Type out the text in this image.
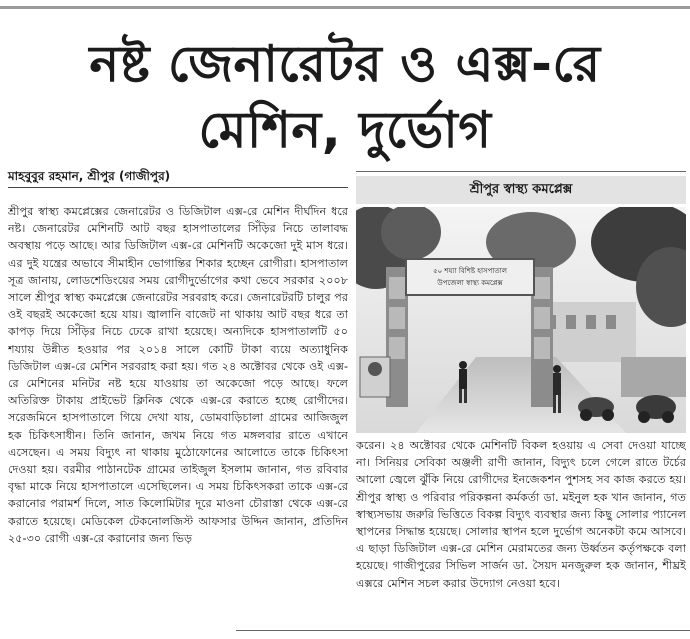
নষ্ট জেনারেটর ও এক্স-রে
মেশিন, দুর্ভোগ
মাহবুবুর রহমান, শ্রীপুর (গাজীপুর)

শ্রীপুর স্বাস্থ্য কমপ্লেক্সের জেনারেটর ও ডিজিটাল এক্স-রে মেশিন দীর্ঘদিন ধরে নষ্ট। জেনারেটর মেশিনটি আট বছর হাসপাতালের সিঁড়ির নিচে তালাবদ্ধ অবস্থায় পড়ে আছে। আর ডিজিটাল এক্স-রে মেশিনটি অকেজো দুই মাস ধরে। এর দুই যন্ত্রের অভাবে সীমাহীন ভোগান্তির শিকার হচ্ছেন রোগীরা। হাসপাতাল সূত্র জানায়, লোডশেডিংয়ের সময় রোগীদুর্ভোগের কথা ভেবে সরকার ২০০৮ সালে শ্রীপুর স্বাস্থ্য কমপ্লেক্সে জেনারেটর সরবরাহ করে। জেনারেটরটি চালুর পর ওই বছরই অকেজো হয়ে যায়। জ্বালানি বাজেট না থাকায় আট বছর ধরে তা কাপড় দিয়ে সিঁড়ির নিচে ঢেকে রাখা হয়েছে। অন্যদিকে হাসপাতালটি ৫০ শয্যায় উন্নীত হওয়ার পর ২০১৪ সালে কোটি টাকা ব্যয়ে অত্যাধুনিক ডিজিটাল এক্স-রে মেশিন সরবরাহ করা হয়। গত ২৪ অক্টোবর থেকে ওই এক্স-রে মেশিনের মনিটর নষ্ট হয়ে যাওয়ায় তা অকেজো পড়ে আছে। ফলে অতিরিক্ত টাকায় প্রাইভেট ক্লিনিক থেকে এক্স-রে করাতে হচ্ছে রোগীদের। সরেজমিনে হাসপাতালে গিয়ে দেখা যায়, ডোমবাড়িচালা গ্রামের আজিজুল হক চিকিৎসাধীন। তিনি জানান, জখম নিয়ে গত মঙ্গলবার রাতে এখানে এসেছেন। এ সময় বিদ্যুৎ না থাকায় মুঠোফোনের আলোতে তাকে চিকিৎসা দেওয়া হয়। বরমীর পাঠানটেক গ্রামের তাইজুল ইসলাম জানান, গত রবিবার বৃদ্ধা মাকে নিয়ে হাসপাতালে এসেছিলেন। এ সময় চিকিৎসকরা তাকে এক্স-রে করানোর পরামর্শ দিলে, সাত কিলোমিটার দূরে মাওনা চৌরাস্তা থেকে এক্স-রে করাতে হয়েছে। মেডিকেল টেকনোলজিস্ট আফসার উদ্দিন জানান, প্রতিদিন ২৫-৩০ রোগী এক্স-রে করানোর জন্য ভিড়

শ্রীপুর স্বাস্থ্য কমপ্লেক্স
৫০ শয্যা বিশিষ্ট হাসপাতাল
উপজেলা স্বাস্থ্য কমপ্লেক্স

করেন। ২৪ অক্টোবর থেকে মেশিনটি বিকল হওয়ায় এ সেবা দেওয়া যাচ্ছে না। সিনিয়র সেবিকা অঞ্জলী রাণী জানান, বিদ্যুৎ চলে গেলে রাতে টর্চের আলো জ্বেলে ঝুঁকি নিয়ে রোগীদের ইনজেকশন পুশসহ সব কাজ করতে হয়। শ্রীপুর স্বাস্থ্য ও পরিবার পরিকল্পনা কর্মকর্তা ডা. মইনুল হক খান জানান, গত স্বাস্থ্যসভায় জরুরি ভিত্তিতে বিকল্প বিদ্যুৎ ব্যবস্থার জন্য কিছু সোলার প্যানেল স্থাপনের সিদ্ধান্ত হয়েছে। সোলার স্থাপন হলে দুর্ভোগ অনেকটা কমে আসবে। এ ছাড়া ডিজিটাল এক্স-রে মেশিন মেরামতের জন্য উর্ধ্বতন কর্তৃপক্ষকে বলা হয়েছে। গাজীপুরের সিভিল সার্জন ডা. সৈয়দ মনজুরুল হক জানান, শীঘ্রই এক্সরে মেশিন সচল করার উদ্যোগ নেওয়া হবে।
